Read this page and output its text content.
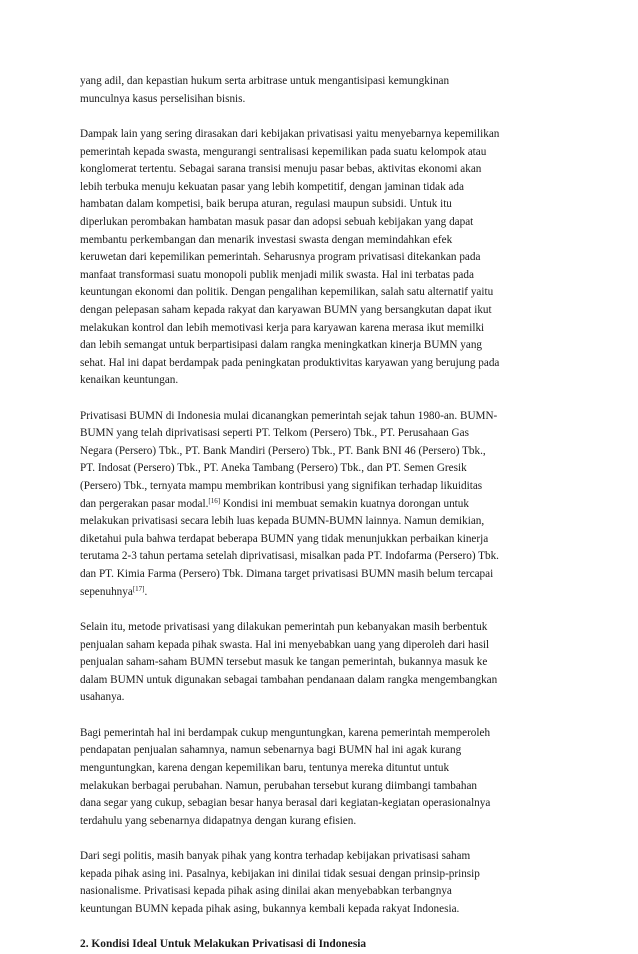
yang adil, dan kepastian hukum serta arbitrase untuk mengantisipasi kemungkinan
munculnya kasus perselisihan bisnis.
Dampak lain yang sering dirasakan dari kebijakan privatisasi yaitu menyebarnya kepemilikan
pemerintah kepada swasta, mengurangi sentralisasi kepemilikan pada suatu kelompok atau
konglomerat tertentu. Sebagai sarana transisi menuju pasar bebas, aktivitas ekonomi akan
lebih terbuka menuju kekuatan pasar yang lebih kompetitif, dengan jaminan tidak ada
hambatan dalam kompetisi, baik berupa aturan, regulasi maupun subsidi. Untuk itu
diperlukan perombakan hambatan masuk pasar dan adopsi sebuah kebijakan yang dapat
membantu perkembangan dan menarik investasi swasta dengan memindahkan efek
keruwetan dari kepemilikan pemerintah. Seharusnya program privatisasi ditekankan pada
manfaat transformasi suatu monopoli publik menjadi milik swasta. Hal ini terbatas pada
keuntungan ekonomi dan politik. Dengan pengalihan kepemilikan, salah satu alternatif yaitu
dengan pelepasan saham kepada rakyat dan karyawan BUMN yang bersangkutan dapat ikut
melakukan kontrol dan lebih memotivasi kerja para karyawan karena merasa ikut memilki
dan lebih semangat untuk berpartisipasi dalam rangka meningkatkan kinerja BUMN yang
sehat. Hal ini dapat berdampak pada peningkatan produktivitas karyawan yang berujung pada
kenaikan keuntungan.
Privatisasi BUMN di Indonesia mulai dicanangkan pemerintah sejak tahun 1980-an. BUMN-
BUMN yang telah diprivatisasi seperti PT. Telkom (Persero) Tbk., PT. Perusahaan Gas
Negara (Persero) Tbk., PT. Bank Mandiri (Persero) Tbk., PT. Bank BNI 46 (Persero) Tbk.,
PT. Indosat (Persero) Tbk., PT. Aneka Tambang (Persero) Tbk., dan PT. Semen Gresik
(Persero) Tbk., ternyata mampu membrikan kontribusi yang signifikan terhadap likuiditas
dan pergerakan pasar modal.[16] Kondisi ini membuat semakin kuatnya dorongan untuk
melakukan privatisasi secara lebih luas kepada BUMN-BUMN lainnya. Namun demikian,
diketahui pula bahwa terdapat beberapa BUMN yang tidak menunjukkan perbaikan kinerja
terutama 2-3 tahun pertama setelah diprivatisasi, misalkan pada PT. Indofarma (Persero) Tbk.
dan PT. Kimia Farma (Persero) Tbk. Dimana target privatisasi BUMN masih belum tercapai
sepenuhnya[17].
Selain itu, metode privatisasi yang dilakukan pemerintah pun kebanyakan masih berbentuk
penjualan saham kepada pihak swasta. Hal ini menyebabkan uang yang diperoleh dari hasil
penjualan saham-saham BUMN tersebut masuk ke tangan pemerintah, bukannya masuk ke
dalam BUMN untuk digunakan sebagai tambahan pendanaan dalam rangka mengembangkan
usahanya.
Bagi pemerintah hal ini berdampak cukup menguntungkan, karena pemerintah memperoleh
pendapatan penjualan sahamnya, namun sebenarnya bagi BUMN hal ini agak kurang
menguntungkan, karena dengan kepemilikan baru, tentunya mereka dituntut untuk
melakukan berbagai perubahan. Namun, perubahan tersebut kurang diimbangi tambahan
dana segar yang cukup, sebagian besar hanya berasal dari kegiatan-kegiatan operasionalnya
terdahulu yang sebenarnya didapatnya dengan kurang efisien.
Dari segi politis, masih banyak pihak yang kontra terhadap kebijakan privatisasi saham
kepada pihak asing ini. Pasalnya, kebijakan ini dinilai tidak sesuai dengan prinsip-prinsip
nasionalisme. Privatisasi kepada pihak asing dinilai akan menyebabkan terbangnya
keuntungan BUMN kepada pihak asing, bukannya kembali kepada rakyat Indonesia.
2. Kondisi Ideal Untuk Melakukan Privatisasi di Indonesia
